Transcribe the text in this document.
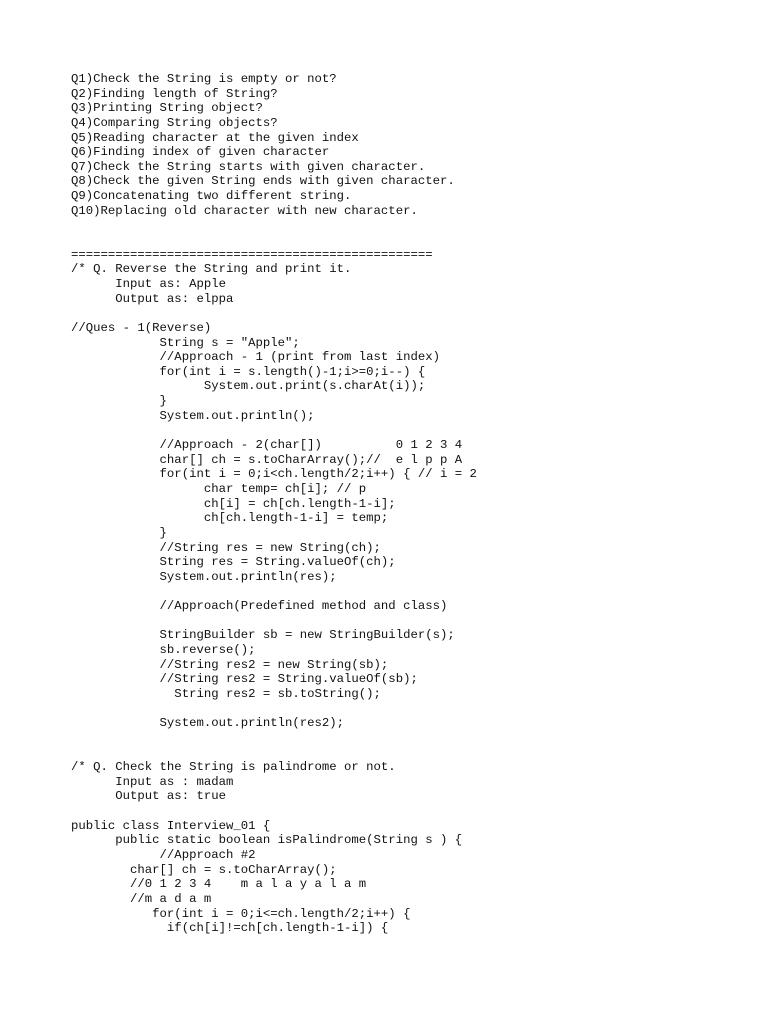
Q1)Check the String is empty or not?
Q2)Finding length of String?
Q3)Printing String object?
Q4)Comparing String objects?
Q5)Reading character at the given index
Q6)Finding index of given character
Q7)Check the String starts with given character.
Q8)Check the given String ends with given character.
Q9)Concatenating two different string.
Q10)Replacing old character with new character.
=================================================
/* Q. Reverse the String and print it.
Input as: Apple
Output as: elppa
//Ques - 1(Reverse)
String s = "Apple";
//Approach - 1 (print from last index)
for(int i = s.length()-1;i>=0;i--) {
System.out.print(s.charAt(i));
}
System.out.println();
//Approach - 2(char[])          0 1 2 3 4
char[] ch = s.toCharArray();//  e l p p A
for(int i = 0;i<ch.length/2;i++) { // i = 2
char temp= ch[i]; // p
ch[i] = ch[ch.length-1-i];
ch[ch.length-1-i] = temp;
}
//String res = new String(ch);
String res = String.valueOf(ch);
System.out.println(res);
//Approach(Predefined method and class)
StringBuilder sb = new StringBuilder(s);
sb.reverse();
//String res2 = new String(sb);
//String res2 = String.valueOf(sb);
String res2 = sb.toString();
System.out.println(res2);
/* Q. Check the String is palindrome or not.
Input as : madam
Output as: true
public class Interview_01 {
public static boolean isPalindrome(String s ) {
//Approach #2
char[] ch = s.toCharArray();
//0 1 2 3 4    m a l a y a l a m
//m a d a m
for(int i = 0;i<=ch.length/2;i++) {
if(ch[i]!=ch[ch.length-1-i]) {
